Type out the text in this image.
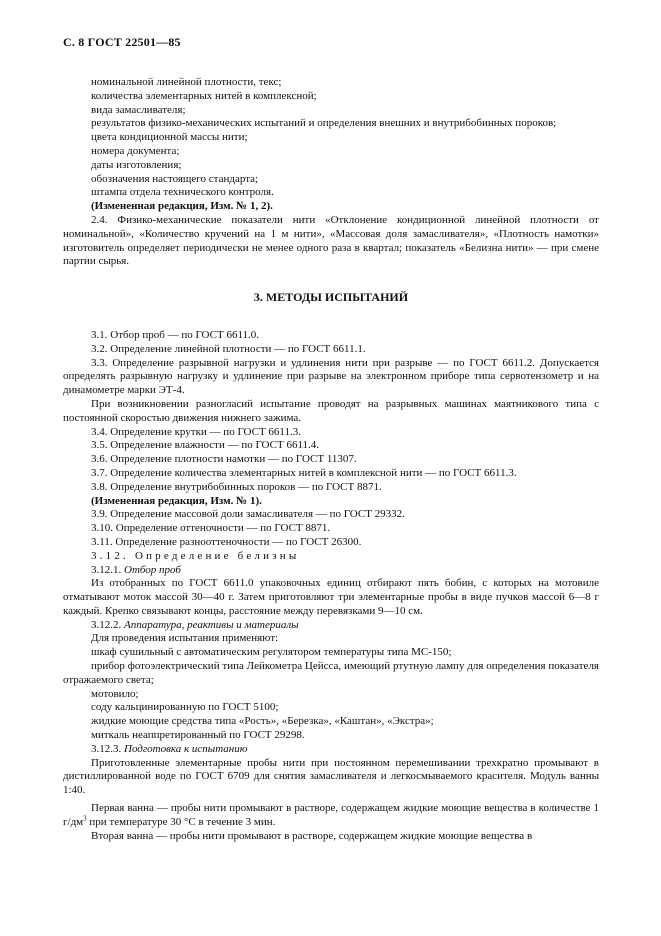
С. 8 ГОСТ 22501—85

номинальной линейной плотности, текс;

количества элементарных нитей в комплексной;

вида замасливателя;

результатов физико-механических испытаний и определения внешних и внутрибобинных пороков;

цвета кондиционной массы нити;

номера документа;

даты изготовления;

обозначения настоящего стандарта;

штампа отдела технического контроля.

(Измененная редакция, Изм. № 1, 2).

2.4. Физико-механические показатели нити «Отклонение кондиционной линейной плотности от номинальной», «Количество кручений на 1 м нити», «Массовая доля замасливателя», «Плотность намотки» изготовитель определяет периодически не менее одного раза в квартал; показатель «Белизна нити» — при смене партии сырья.

3. МЕТОДЫ ИСПЫТАНИЙ

3.1. Отбор проб — по ГОСТ 6611.0.

3.2. Определение линейной плотности — по ГОСТ 6611.1.

3.3. Определение разрывной нагрузки и удлинения нити при разрыве — по ГОСТ 6611.2. Допускается определять разрывную нагрузку и удлинение при разрыве на электронном приборе типа сервотензометр и на динамометре марки ЭТ-4.

При возникновении разногласий испытание проводят на разрывных машинах маятникового типа с постоянной скоростью движения нижнего зажима.

3.4. Определение крутки — по ГОСТ 6611.3.

3.5. Определение влажности — по ГОСТ 6611.4.

3.6. Определение плотности намотки — по ГОСТ 11307.

3.7. Определение количества элементарных нитей в комплексной нити — по ГОСТ 6611.3.

3.8. Определение внутрибобинных пороков — по ГОСТ 8871.

(Измененная редакция, Изм. № 1).

3.9. Определение массовой доли замасливателя — по ГОСТ 29332.

3.10. Определение оттеночности — по ГОСТ 8871.

3.11. Определение разнооттеночности — по ГОСТ 26300.

3.12. Определение белизны

3.12.1. Отбор проб

Из отобранных по ГОСТ 6611.0 упаковочных единиц отбирают пять бобин, с которых на мотовиле отматывают моток массой 30—40 г. Затем приготовляют три элементарные пробы в виде пучков массой 6—8 г каждый. Крепко связывают концы, расстояние между перевязками 9—10 см.

3.12.2. Аппаратура, реактивы и материалы

Для проведения испытания применяют:

шкаф сушильный с автоматическим регулятором температуры типа МС-150;

прибор фотоэлектрический типа Лейкометра Цейсса, имеющий ртутную лампу для определения показателя отражаемого света;

мотовило;

соду кальцинированную по ГОСТ 5100;

жидкие моющие средства типа «Рость», «Березка», «Каштан», «Экстра»;

миткаль неаппретированный по ГОСТ 29298.

3.12.3. Подготовка к испытанию

Приготовленные элементарные пробы нити при постоянном перемешивании трехкратно промывают в дистиллированной воде по ГОСТ 6709 для снятия замасливателя и легкосмываемого красителя. Модуль ванны 1:40.

Первая ванна — пробы нити промывают в растворе, содержащем жидкие моющие вещества в количестве 1 $г/дм^3$ при температуре 30 °С в течение 3 мин.

Вторая ванна — пробы нити промывают в растворе, содержащем жидкие моющие вещества в
